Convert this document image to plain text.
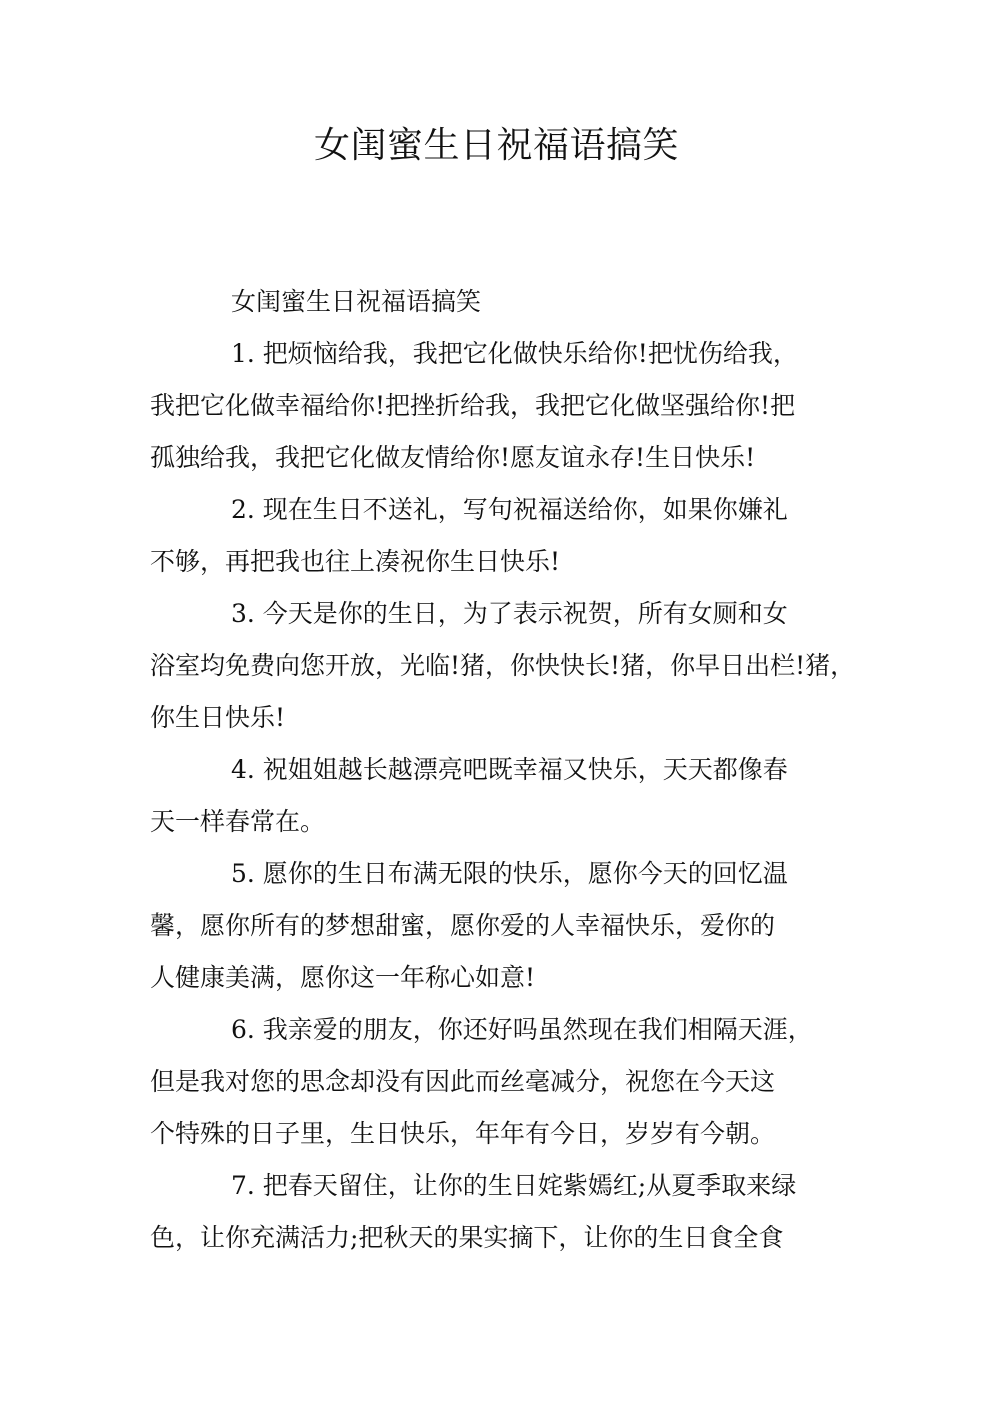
女闺蜜生日祝福语搞笑

女闺蜜生日祝福语搞笑

1. 把烦恼给我，我把它化做快乐给你!把忧伤给我，

我把它化做幸福给你!把挫折给我，我把它化做坚强给你!把

孤独给我，我把它化做友情给你!愿友谊永存!生日快乐!

2. 现在生日不送礼，写句祝福送给你，如果你嫌礼

不够，再把我也往上凑祝你生日快乐!

3. 今天是你的生日，为了表示祝贺，所有女厕和女

浴室均免费向您开放，光临!猪，你快快长!猪，你早日出栏!猪，

你生日快乐!

4. 祝姐姐越长越漂亮吧既幸福又快乐，天天都像春

天一样春常在。

5. 愿你的生日布满无限的快乐，愿你今天的回忆温

馨，愿你所有的梦想甜蜜，愿你爱的人幸福快乐，爱你的

人健康美满，愿你这一年称心如意!

6. 我亲爱的朋友，你还好吗虽然现在我们相隔天涯，

但是我对您的思念却没有因此而丝毫减分，祝您在今天这

个特殊的日子里，生日快乐，年年有今日，岁岁有今朝。

7. 把春天留住，让你的生日姹紫嫣红;从夏季取来绿

色，让你充满活力;把秋天的果实摘下，让你的生日食全食
